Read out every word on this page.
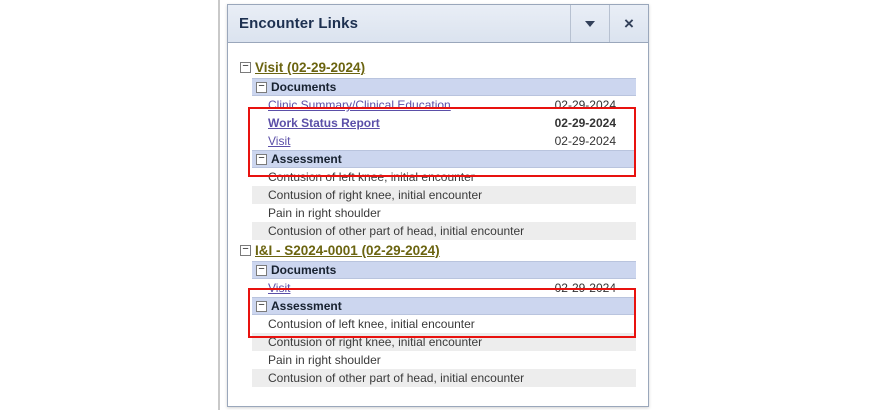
Encounter Links	×
− Visit (02-29-2024)
− Documents
Clinic Summary/Clinical Education	02-29-2024
Work Status Report	02-29-2024
Visit	02-29-2024
− Assessment
Contusion of left knee, initial encounter
Contusion of right knee, initial encounter
Pain in right shoulder
Contusion of other part of head, initial encounter
− I&I - S2024-0001 (02-29-2024)
− Documents
Visit	02-29-2024
− Assessment
Contusion of left knee, initial encounter
Contusion of right knee, initial encounter
Pain in right shoulder
Contusion of other part of head, initial encounter
